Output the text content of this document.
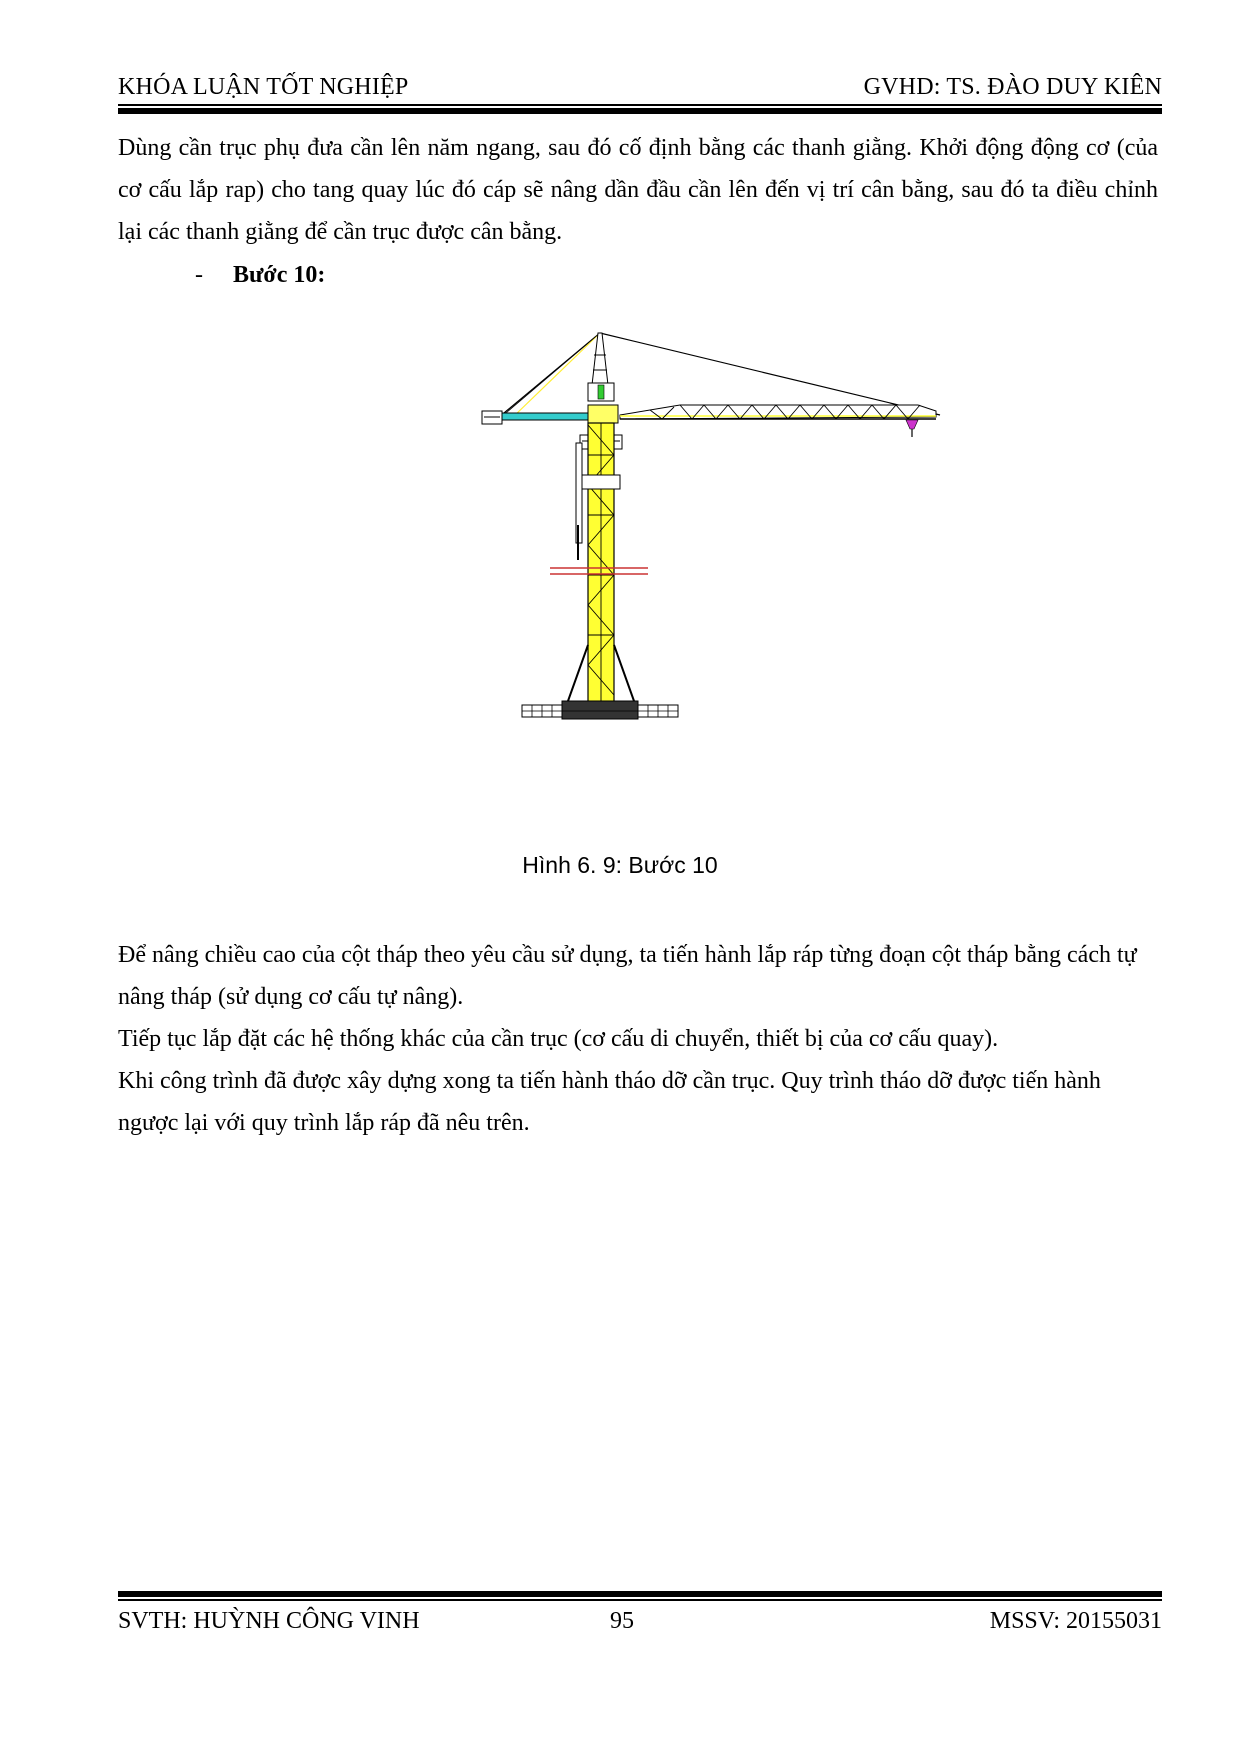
KHÓA LUẬN TỐT NGHIỆP	GVHD: TS. ĐÀO DUY KIÊN
Dùng cần trục phụ đưa cần lên năm ngang, sau đó cố định bằng các thanh giằng. Khởi động động cơ (của cơ cấu lắp rap) cho tang quay lúc đó cáp sẽ nâng dần đầu cần lên đến vị trí cân bằng, sau đó ta điều chỉnh lại các thanh giằng để cần trục được cân bằng.
- Bước 10:
Hình 6. 9: Bước 10
Để nâng chiều cao của cột tháp theo yêu cầu sử dụng, ta tiến hành lắp ráp từng đoạn cột tháp bằng cách tự nâng tháp (sử dụng cơ cấu tự nâng).
Tiếp tục lắp đặt các hệ thống khác của cần trục (cơ cấu di chuyển, thiết bị của cơ cấu quay).
Khi công trình đã được xây dựng xong ta tiến hành tháo dỡ cần trục. Quy trình tháo dỡ được tiến hành ngược lại với quy trình lắp ráp đã nêu trên.
SVTH: HUỲNH CÔNG VINH	95	MSSV: 20155031
